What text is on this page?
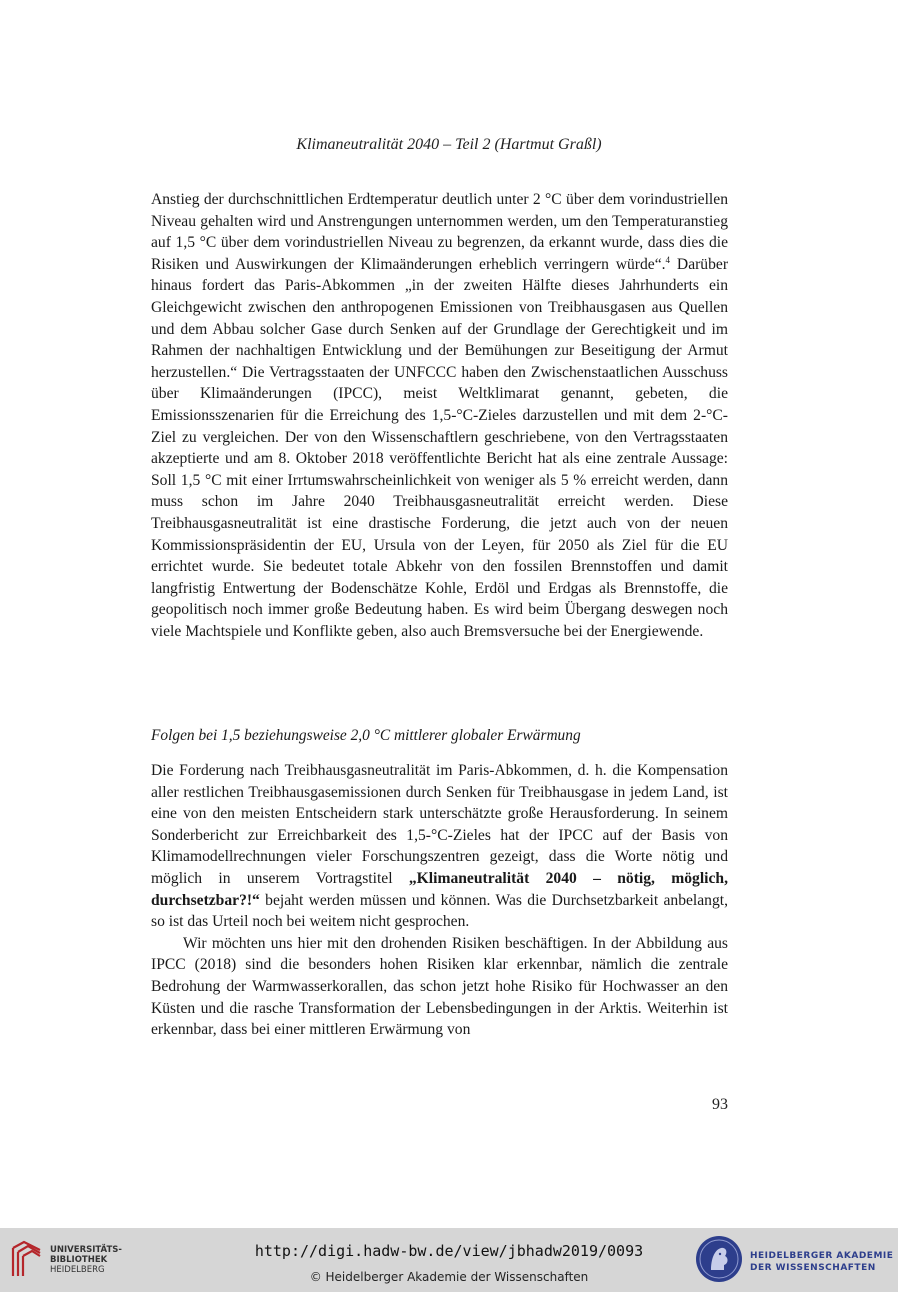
Klimaneutralität 2040 – Teil 2 (Hartmut Graßl)

Anstieg der durchschnittlichen Erdtemperatur deutlich unter 2 °C über dem vorindustriellen Niveau gehalten wird und Anstrengungen unternommen werden, um den Temperaturanstieg auf 1,5 °C über dem vorindustriellen Niveau zu begrenzen, da erkannt wurde, dass dies die Risiken und Auswirkungen der Klimaänderungen erheblich verringern würde“.$^4$ Darüber hinaus fordert das Paris-Abkommen „in der zweiten Hälfte dieses Jahrhunderts ein Gleichgewicht zwischen den anthropogenen Emissionen von Treibhausgasen aus Quellen und dem Abbau solcher Gase durch Senken auf der Grundlage der Gerechtigkeit und im Rahmen der nachhaltigen Entwicklung und der Bemühungen zur Beseitigung der Armut herzustellen.“ Die Vertragsstaaten der UNFCCC haben den Zwischenstaatlichen Ausschuss über Klimaänderungen (IPCC), meist Weltklimarat genannt, gebeten, die Emissionsszenarien für die Erreichung des 1,5-°C-Zieles darzustellen und mit dem 2-°C-Ziel zu vergleichen. Der von den Wissenschaftlern geschriebene, von den Vertragsstaaten akzeptierte und am 8. Oktober 2018 veröffentlichte Bericht hat als eine zentrale Aussage: Soll 1,5 °C mit einer Irrtumswahrscheinlichkeit von weniger als 5 % erreicht werden, dann muss schon im Jahre 2040 Treibhausgasneutralität erreicht werden. Diese Treibhausgasneutralität ist eine drastische Forderung, die jetzt auch von der neuen Kommissionspräsidentin der EU, Ursula von der Leyen, für 2050 als Ziel für die EU errichtet wurde. Sie bedeutet totale Abkehr von den fossilen Brennstoffen und damit langfristig Entwertung der Bodenschätze Kohle, Erdöl und Erdgas als Brennstoffe, die geopolitisch noch immer große Bedeutung haben. Es wird beim Übergang deswegen noch viele Machtspiele und Konflikte geben, also auch Bremsversuche bei der Energiewende.

Folgen bei 1,5 beziehungsweise 2,0 °C mittlerer globaler Erwärmung

Die Forderung nach Treibhausgasneutralität im Paris-Abkommen, d. h. die Kompensation aller restlichen Treibhausgasemissionen durch Senken für Treibhausgase in jedem Land, ist eine von den meisten Entscheidern stark unterschätzte große Herausforderung. In seinem Sonderbericht zur Erreichbarkeit des 1,5-°C-Zieles hat der IPCC auf der Basis von Klimamodellrechnungen vieler Forschungszentren gezeigt, dass die Worte nötig und möglich in unserem Vortragstitel „Klimaneutralität 2040 – nötig, möglich, durchsetzbar?!“ bejaht werden müssen und können. Was die Durchsetzbarkeit anbelangt, so ist das Urteil noch bei weitem nicht gesprochen.

Wir möchten uns hier mit den drohenden Risiken beschäftigen. In der Abbildung aus IPCC (2018) sind die besonders hohen Risiken klar erkennbar, nämlich die zentrale Bedrohung der Warmwasserkorallen, das schon jetzt hohe Risiko für Hochwasser an den Küsten und die rasche Transformation der Lebensbedingungen in der Arktis. Weiterhin ist erkennbar, dass bei einer mittleren Erwärmung von

93
UNIVERSITÄTS-
BIBLIOTHEK
HEIDELBERG
http://digi.hadw-bw.de/view/jbhadw2019/0093
© Heidelberger Akademie der Wissenschaften
HEIDELBERGER AKADEMIE
DER WISSENSCHAFTEN
